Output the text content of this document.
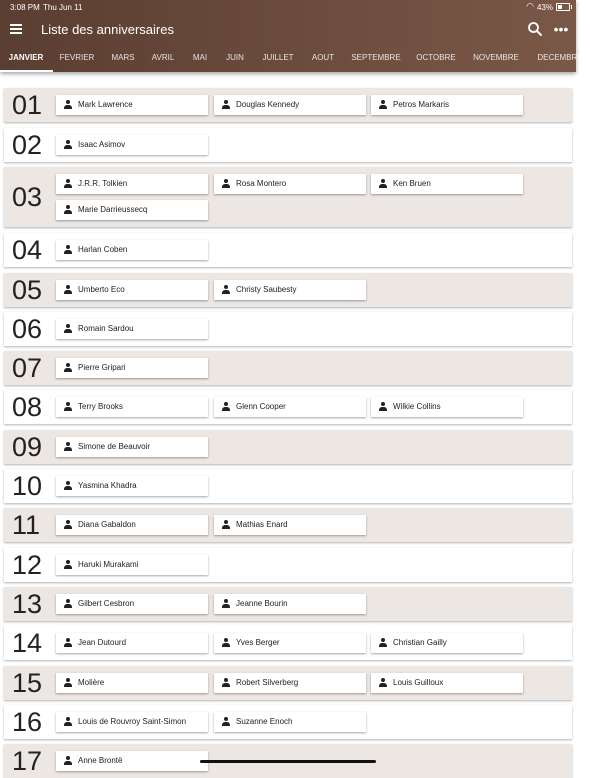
3:08 PM Thu Jun 11	◠ 43%
Liste des anniversaires	•••
JANVIER	FEVRIER	MARS	AVRIL	MAI	JUIN	JUILLET	AOUT	SEPTEMBRE	OCTOBRE	NOVEMBRE	DECEMBRE
01	Mark Lawrence	Douglas Kennedy	Petros Markaris
02	Isaac Asimov
03	J.R.R. Tolkien	Rosa Montero	Ken Bruen
Marie Darrieussecq
04	Harlan Coben
05	Umberto Eco	Christy Saubesty
06	Romain Sardou
07	Pierre Gripari
08	Terry Brooks	Glenn Cooper	Wilkie Collins
09	Simone de Beauvoir
10	Yasmina Khadra
11	Diana Gabaldon	Mathias Enard
12	Haruki Murakami
13	Gilbert Cesbron	Jeanne Bourin
14	Jean Dutourd	Yves Berger	Christian Gailly
15	Molière	Robert Silverberg	Louis Guilloux
16	Louis de Rouvroy Saint-Simon	Suzanne Enoch
17	Anne Brontë
